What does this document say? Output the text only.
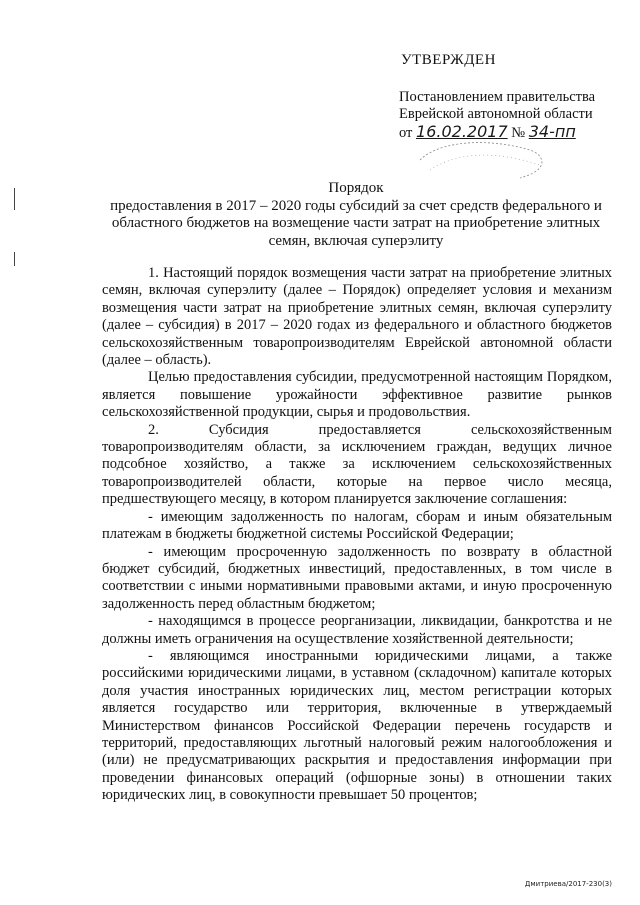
УТВЕРЖДЕН
Постановлением правительства
Еврейской автономной области
от 16.02.2017 № 34-пп
Порядок
предоставления в 2017 – 2020 годы субсидий за счет средств федерального и
областного бюджетов на возмещение части затрат на приобретение элитных
семян, включая суперэлиту

1. Настоящий порядок возмещения части затрат на приобретение элитных семян, включая суперэлиту (далее – Порядок) определяет условия и механизм возмещения части затрат на приобретение элитных семян, включая суперэлиту (далее – субсидия) в 2017 – 2020 годах из федерального и областного бюджетов сельскохозяйственным товаропроизводителям Еврейской автономной области (далее – область).

Целью предоставления субсидии, предусмотренной настоящим Порядком, является повышение урожайности эффективное развитие рынков сельскохозяйственной продукции, сырья и продовольствия.

2. Субсидия предоставляется сельскохозяйственным товаропроизводителям области, за исключением граждан, ведущих личное подсобное хозяйство, а также за исключением сельскохозяйственных товаропроизводителей области, которые на первое число месяца, предшествующего месяцу, в котором планируется заключение соглашения:

- имеющим задолженность по налогам, сборам и иным обязательным платежам в бюджеты бюджетной системы Российской Федерации;

- имеющим просроченную задолженность по возврату в областной бюджет субсидий, бюджетных инвестиций, предоставленных, в том числе в соответствии с иными нормативными правовыми актами, и иную просроченную задолженность перед областным бюджетом;

- находящимся в процессе реорганизации, ликвидации, банкротства и не должны иметь ограничения на осуществление хозяйственной деятельности;

- являющимся иностранными юридическими лицами, а также российскими юридическими лицами, в уставном (складочном) капитале которых доля участия иностранных юридических лиц, местом регистрации которых является государство или территория, включенные в утверждаемый Министерством финансов Российской Федерации перечень государств и территорий, предоставляющих льготный налоговый режим налогообложения и (или) не предусматривающих раскрытия и предоставления информации при проведении финансовых операций (офшорные зоны) в отношении таких юридических лиц, в совокупности превышает 50 процентов;

Дмитриева/2017-230(3)
